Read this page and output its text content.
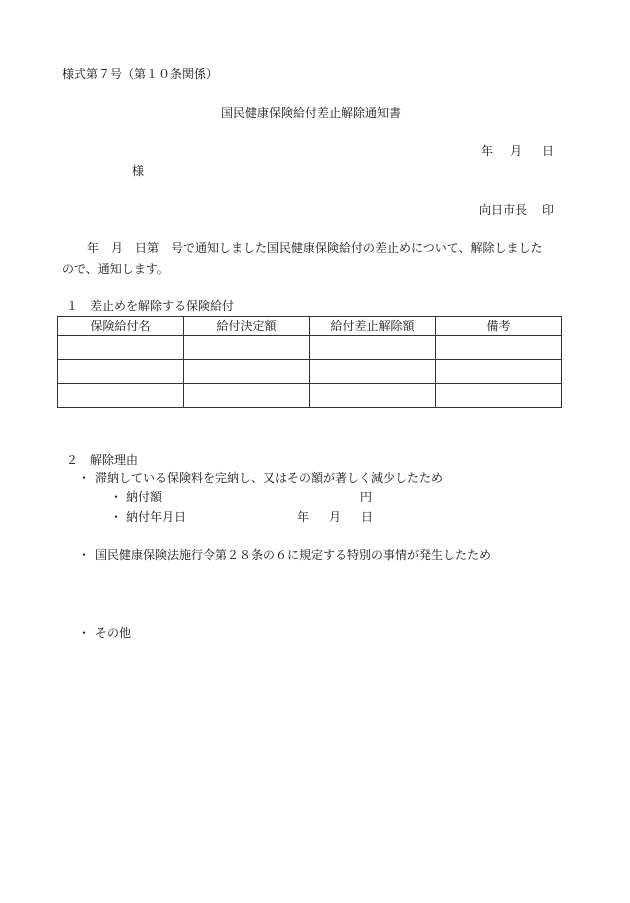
様式第７号（第１０条関係）
国民健康保険給付差止解除通知書
年 月 日
様
向日市長 印
年　月　日第　号で通知しました国民健康保険給付の差止めについて、解除しました
ので、通知します。
１　差止めを解除する保険給付
保険給付名	給付決定額	給付差止解除額	備考

２　解除理由
・ 滞納している保険料を完納し、又はその額が著しく減少したため
・ 納付額	円
・ 納付年月日	年 月 日
・ 国民健康保険法施行令第２８条の６に規定する特別の事情が発生したため
・ その他
